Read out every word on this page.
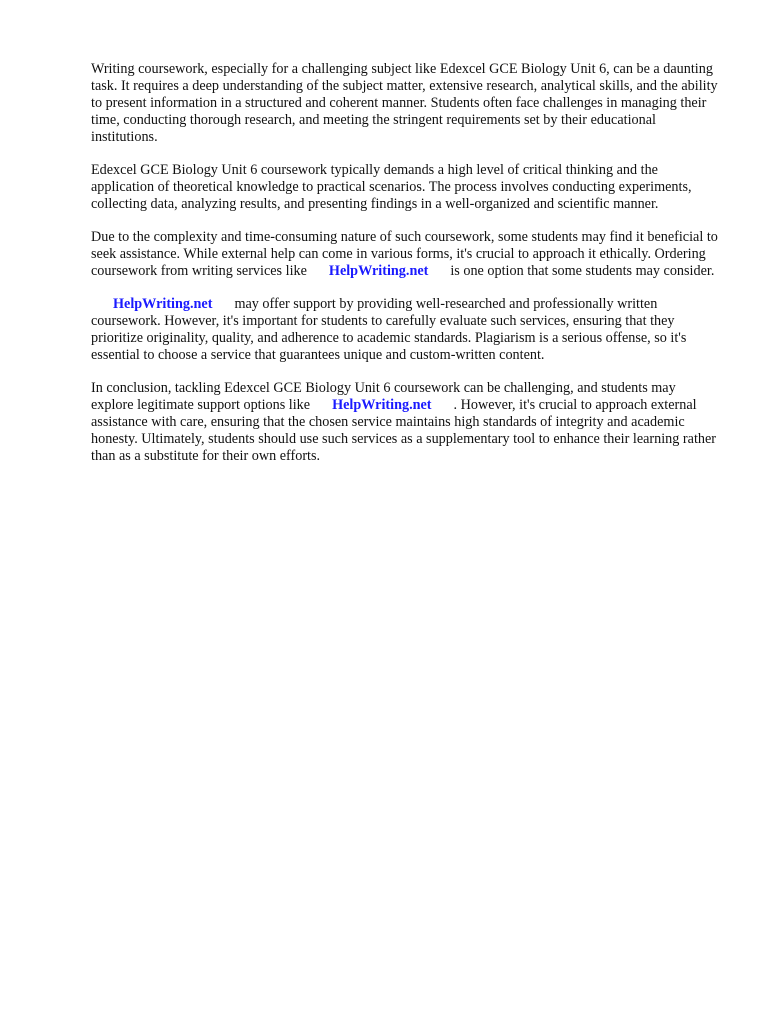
Writing coursework, especially for a challenging subject like Edexcel GCE Biology Unit 6, can be a daunting task. It requires a deep understanding of the subject matter, extensive research, analytical skills, and the ability to present information in a structured and coherent manner. Students often face challenges in managing their time, conducting thorough research, and meeting the stringent requirements set by their educational institutions.

Edexcel GCE Biology Unit 6 coursework typically demands a high level of critical thinking and the application of theoretical knowledge to practical scenarios. The process involves conducting experiments, collecting data, analyzing results, and presenting findings in a well-organized and scientific manner.

Due to the complexity and time-consuming nature of such coursework, some students may find it beneficial to seek assistance. While external help can come in various forms, it's crucial to approach it ethically. Ordering coursework from writing services like HelpWriting.net is one option that some students may consider.

HelpWriting.net may offer support by providing well-researched and professionally written coursework. However, it's important for students to carefully evaluate such services, ensuring that they prioritize originality, quality, and adherence to academic standards. Plagiarism is a serious offense, so it's essential to choose a service that guarantees unique and custom-written content.

In conclusion, tackling Edexcel GCE Biology Unit 6 coursework can be challenging, and students may explore legitimate support options like HelpWriting.net . However, it's crucial to approach external assistance with care, ensuring that the chosen service maintains high standards of integrity and academic honesty. Ultimately, students should use such services as a supplementary tool to enhance their learning rather than as a substitute for their own efforts.
